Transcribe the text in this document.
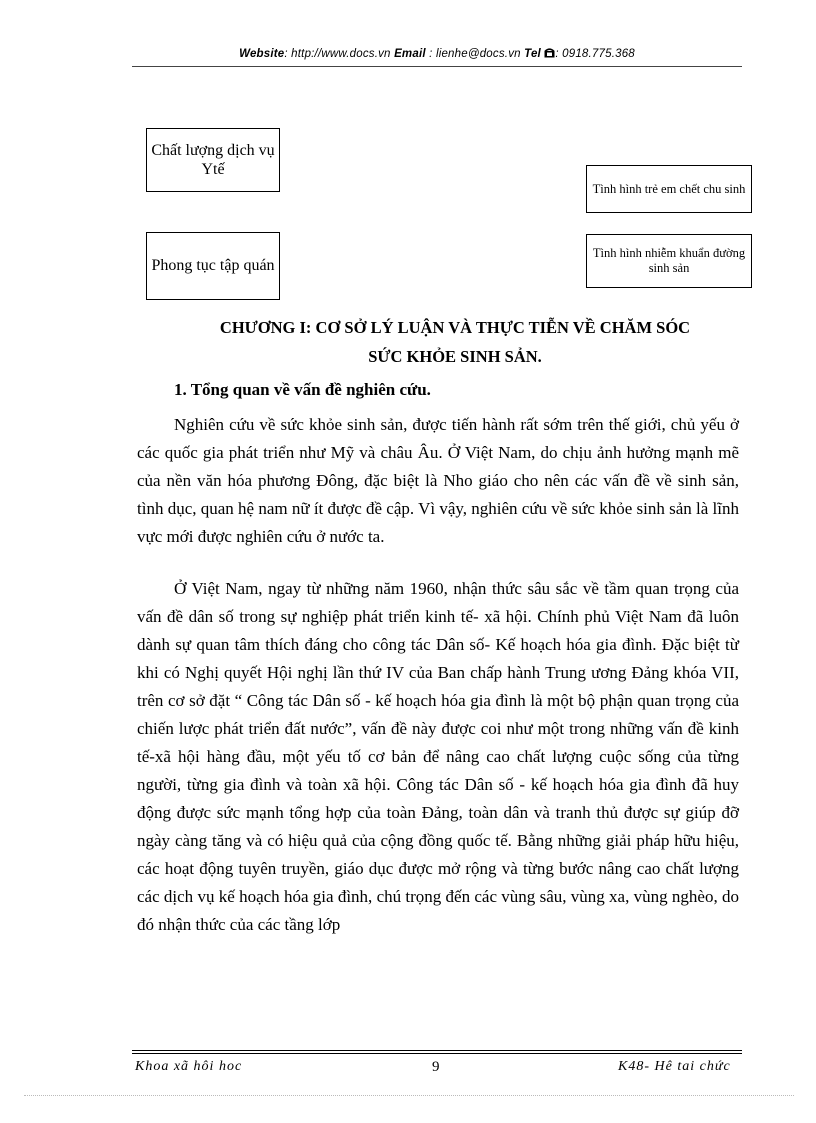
Website: http://www.docs.vn Email : lienhe@docs.vn Tel : 0918.775.368
Chất lượng dịch vụ Ytế
Phong tục tập quán
Tình hình trẻ em chết chu sinh
Tình hình nhiễm khuẩn đường sinh sản
CHƯƠNG I: CƠ SỞ LÝ LUẬN VÀ THỰC TIỄN VỀ CHĂM SÓC
SỨC KHỎE SINH SẢN.
1. Tổng quan về vấn đề nghiên cứu.

Nghiên cứu về sức khỏe sinh sản, được tiến hành rất sớm trên thế giới, chủ yếu ở các quốc gia phát triển như Mỹ và châu Âu. Ở Việt Nam, do chịu ảnh hưởng mạnh mẽ của nền văn hóa phương Đông, đặc biệt là Nho giáo cho nên các vấn đề về sinh sản, tình dục, quan hệ nam nữ ít được đề cập. Vì vậy, nghiên cứu về sức khỏe sinh sản là lĩnh vực mới được nghiên cứu ở nước ta.

Ở Việt Nam, ngay từ những năm 1960, nhận thức sâu sắc về tầm quan trọng của vấn đề dân số trong sự nghiệp phát triển kinh tế- xã hội. Chính phủ Việt Nam đã luôn dành sự quan tâm thích đáng cho công tác Dân số- Kế hoạch hóa gia đình. Đặc biệt từ khi có Nghị quyết Hội nghị lần thứ IV của Ban chấp hành Trung ương Đảng khóa VII, trên cơ sở đặt “ Công tác Dân số - kế hoạch hóa gia đình là một bộ phận quan trọng của chiến lược phát triển đất nước”, vấn đề này được coi như một trong những vấn đề kinh tế-xã hội hàng đầu, một yếu tố cơ bản để nâng cao chất lượng cuộc sống của từng người, từng gia đình và toàn xã hội. Công tác Dân số - kế hoạch hóa gia đình đã huy động được sức mạnh tổng hợp của toàn Đảng, toàn dân và tranh thủ được sự giúp đỡ ngày càng tăng và có hiệu quả của cộng đồng quốc tế. Bằng những giải pháp hữu hiệu, các hoạt động tuyên truyền, giáo dục được mở rộng và từng bước nâng cao chất lượng các dịch vụ kế hoạch hóa gia đình, chú trọng đến các vùng sâu, vùng xa, vùng nghèo, do đó nhận thức của các tầng lớp

Khoa xã hôi hoc	9	K48- Hê tai chức
